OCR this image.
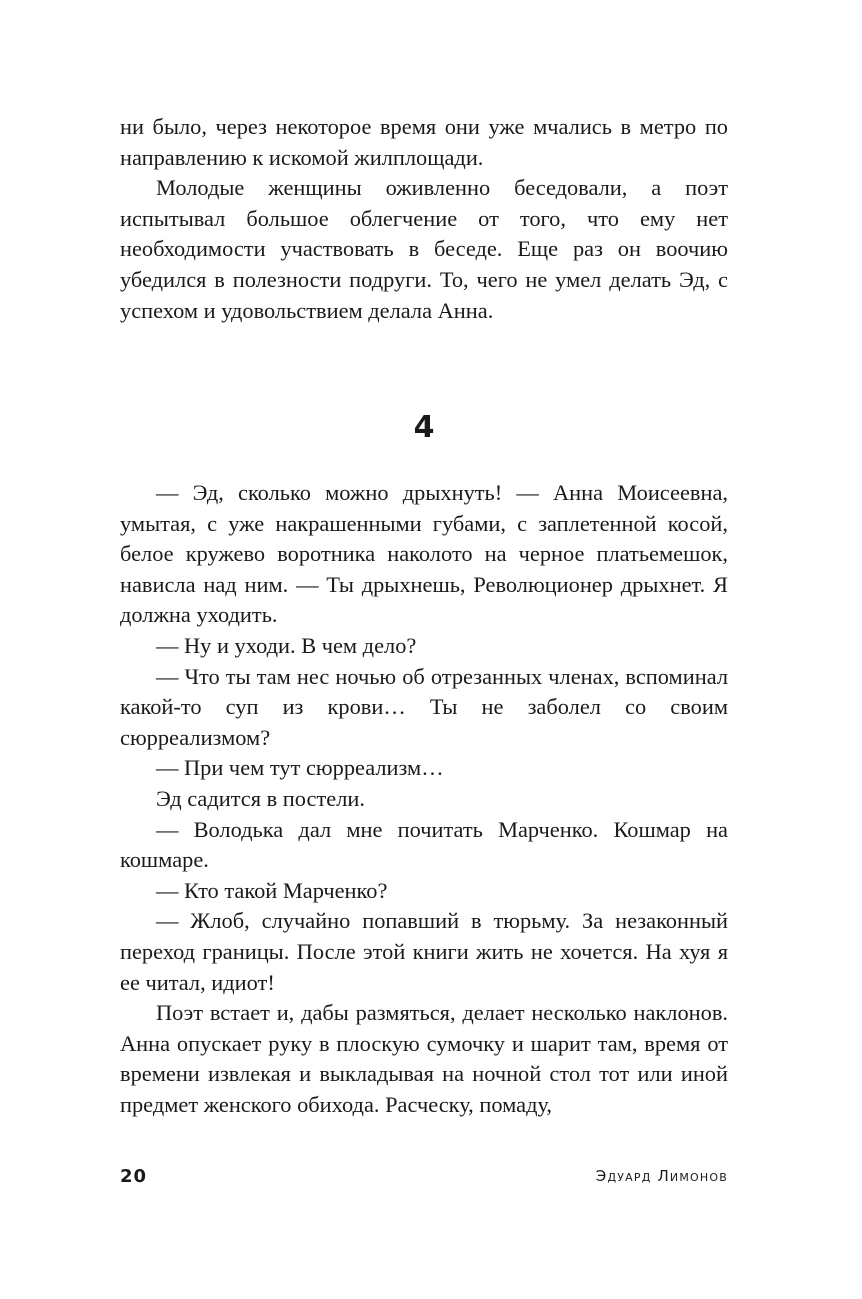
ни было, через некоторое время они уже мчались в метро по направлению к искомой жилплощади.

Молодые женщины оживленно беседовали, а поэт испытывал большое облегчение от того, что ему нет необходимости участвовать в беседе. Еще раз он воочию убедился в полезности подруги. То, чего не умел делать Эд, с успехом и удовольствием делала Анна.

4

— Эд, сколько можно дрыхнуть! — Анна Моисеевна, умытая, с уже накрашенными губами, с заплетенной косой, белое кружево воротника наколото на черное платьемешок, нависла над ним. — Ты дрыхнешь, Революционер дрыхнет. Я должна уходить.

— Ну и уходи. В чем дело?

— Что ты там нес ночью об отрезанных членах, вспоминал какой-то суп из крови… Ты не заболел со своим сюрреализмом?

— При чем тут сюрреализм…

Эд садится в постели.

— Володька дал мне почитать Марченко. Кошмар на кошмаре.

— Кто такой Марченко?

— Жлоб, случайно попавший в тюрьму. За незаконный переход границы. После этой книги жить не хочется. На хуя я ее читал, идиот!

Поэт встает и, дабы размяться, делает несколько наклонов. Анна опускает руку в плоскую сумочку и шарит там, время от времени извлекая и выкладывая на ночной стол тот или иной предмет женского обихода. Расческу, помаду,

20	Эдуард Лимонов
